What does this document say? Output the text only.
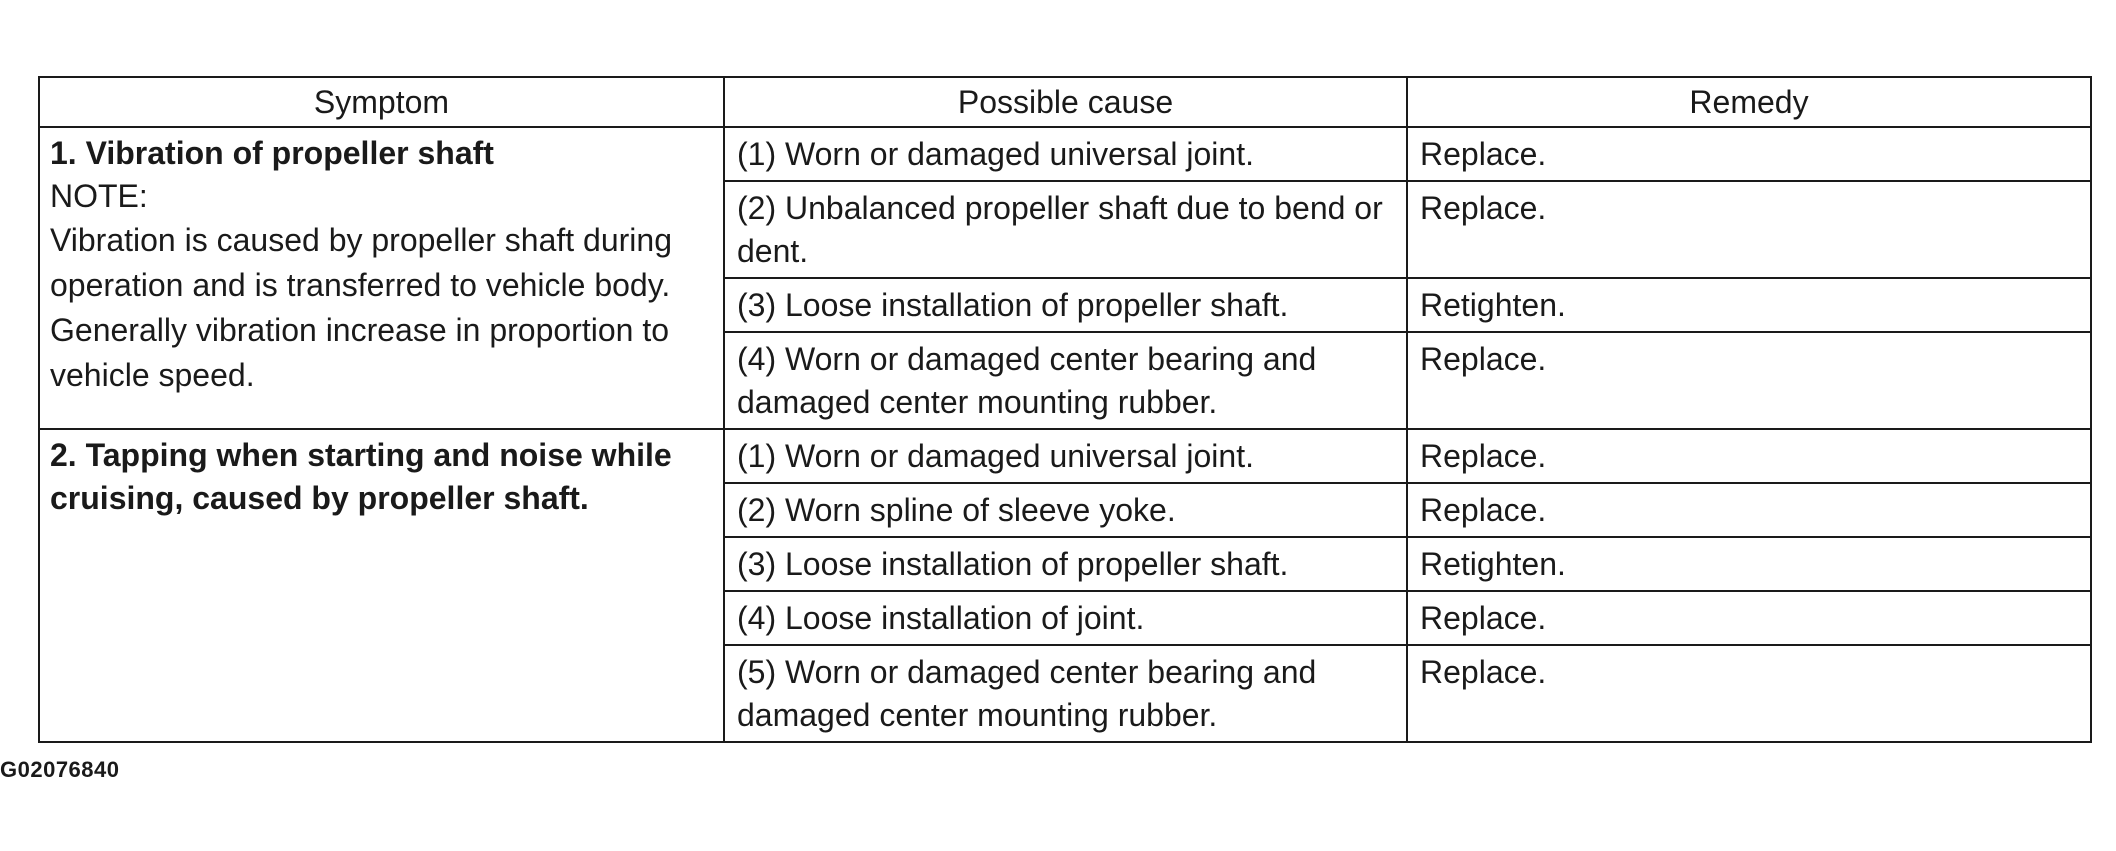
Symptom	Possible cause	Remedy

1. Vibration of propeller shaft
NOTE:
Vibration is caused by propeller shaft during operation and is transferred to vehicle body. Generally vibration increase in proportion to vehicle speed.	(1) Worn or damaged universal joint.	Replace.
	(2) Unbalanced propeller shaft due to bend or dent.	Replace.
	(3) Loose installation of propeller shaft.	Retighten.
	(4) Worn or damaged center bearing and damaged center mounting rubber.	Replace.

2. Tapping when starting and noise while cruising, caused by propeller shaft.	(1) Worn or damaged universal joint.	Replace.
	(2) Worn spline of sleeve yoke.	Replace.
	(3) Loose installation of propeller shaft.	Retighten.
	(4) Loose installation of joint.	Replace.
	(5) Worn or damaged center bearing and damaged center mounting rubber.	Replace.
G02076840
